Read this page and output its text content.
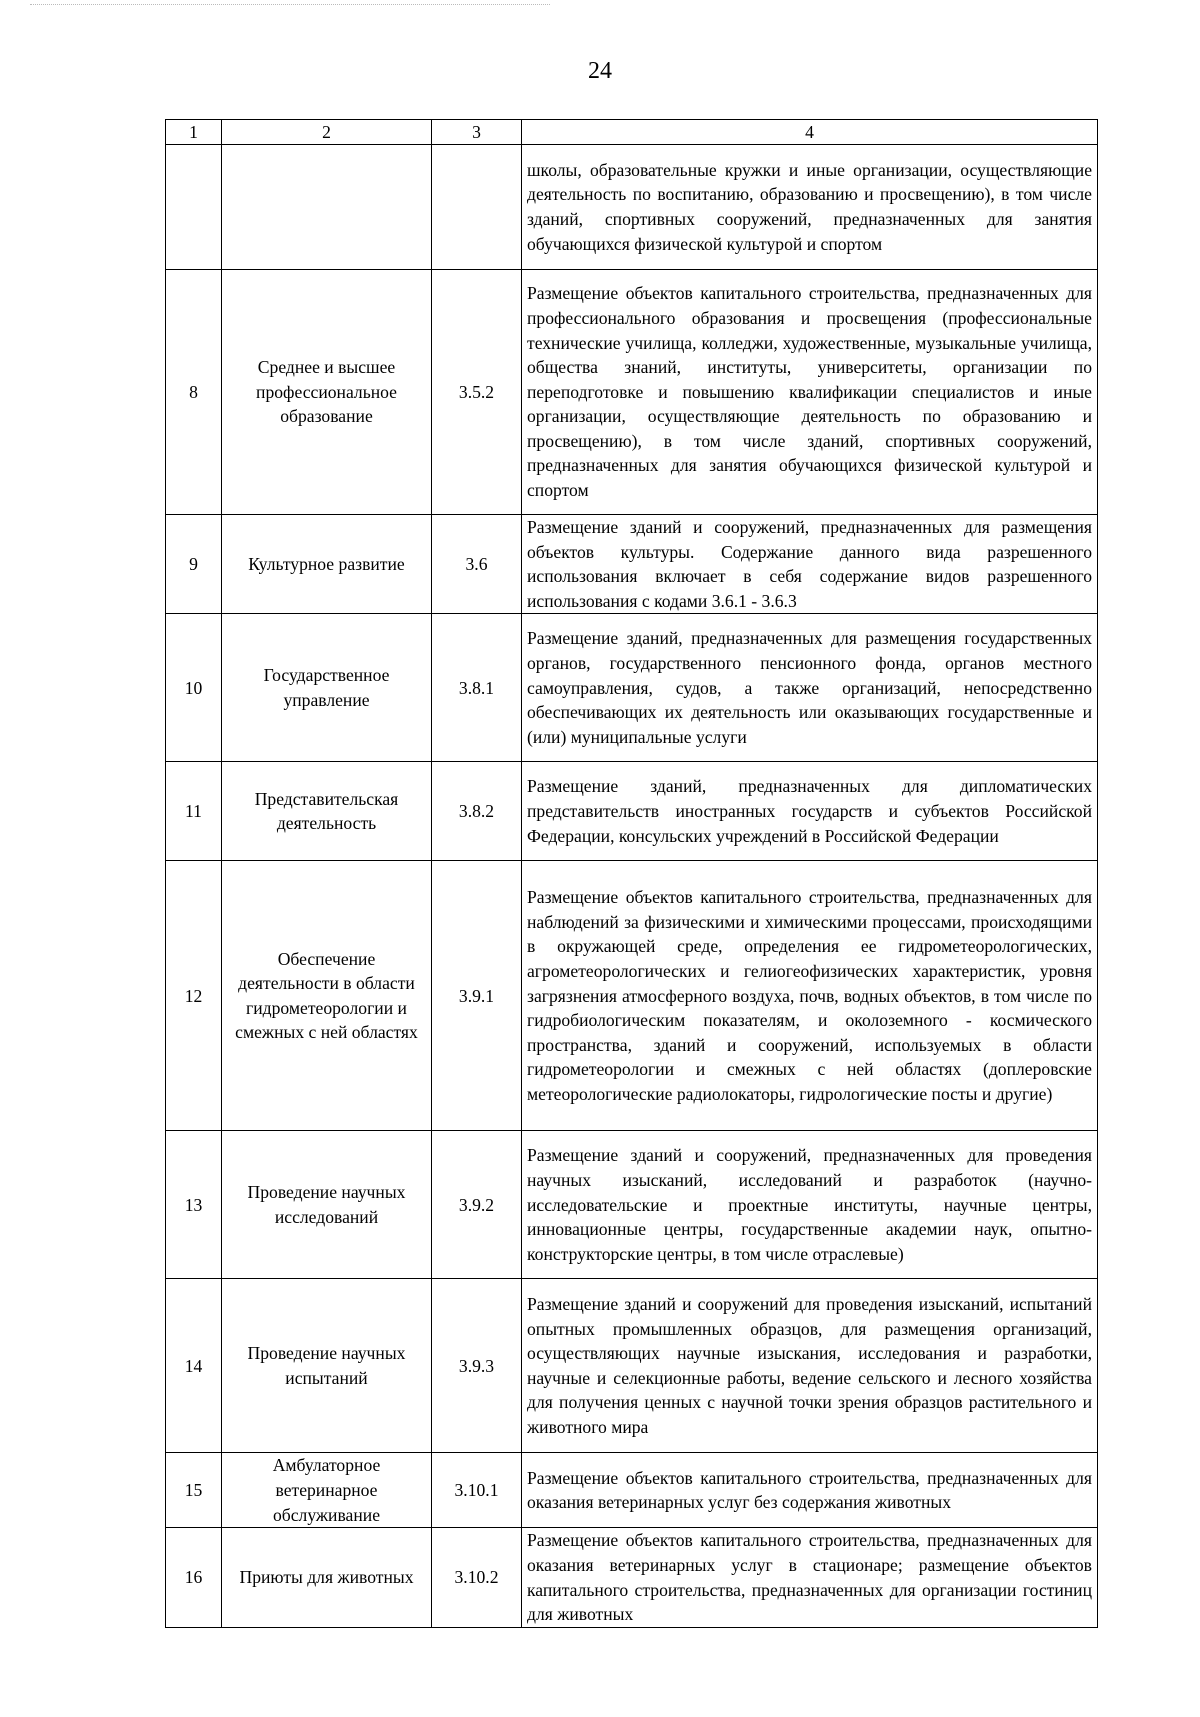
24
1	2	3	4
			школы, образовательные кружки и иные организации, осуществляющие деятельность по воспитанию, образованию и просвещению), в том числе зданий, спортивных сооружений, предназначенных для занятия обучающихся физической культурой и спортом
8	Среднее и высшее профессиональное образование	3.5.2	Размещение объектов капитального строительства, предназначенных для профессионального образования и просвещения (профессиональные технические училища, колледжи, художественные, музыкальные училища, общества знаний, институты, университеты, организации по переподготовке и повышению квалификации специалистов и иные организации, осуществляющие деятельность по образованию и просвещению), в том числе зданий, спортивных сооружений, предназначенных для занятия обучающихся физической культурой и спортом
9	Культурное развитие	3.6	Размещение зданий и сооружений, предназначенных для размещения объектов культуры. Содержание данного вида разрешенного использования включает в себя содержание видов разрешенного использования с кодами 3.6.1 - 3.6.3
10	Государственное управление	3.8.1	Размещение зданий, предназначенных для размещения государственных органов, государственного пенсионного фонда, органов местного самоуправления, судов, а также организаций, непосредственно обеспечивающих их деятельность или оказывающих государственные и (или) муниципальные услуги
11	Представительская деятельность	3.8.2	Размещение зданий, предназначенных для дипломатических представительств иностранных государств и субъектов Российской Федерации, консульских учреждений в Российской Федерации
12	Обеспечение деятельности в области гидрометеорологии и смежных с ней областях	3.9.1	Размещение объектов капитального строительства, предназначенных для наблюдений за физическими и химическими процессами, происходящими в окружающей среде, определения ее гидрометеорологических, агрометеорологических и гелиогеофизических характеристик, уровня загрязнения атмосферного воздуха, почв, водных объектов, в том числе по гидробиологическим показателям, и околоземного - космического пространства, зданий и сооружений, используемых в области гидрометеорологии и смежных с ней областях (доплеровские метеорологические радиолокаторы, гидрологические посты и другие)
13	Проведение научных исследований	3.9.2	Размещение зданий и сооружений, предназначенных для проведения научных изысканий, исследований и разработок (научно-исследовательские и проектные институты, научные центры, инновационные центры, государственные академии наук, опытно-конструкторские центры, в том числе отраслевые)
14	Проведение научных испытаний	3.9.3	Размещение зданий и сооружений для проведения изысканий, испытаний опытных промышленных образцов, для размещения организаций, осуществляющих научные изыскания, исследования и разработки, научные и селекционные работы, ведение сельского и лесного хозяйства для получения ценных с научной точки зрения образцов растительного и животного мира
15	Амбулаторное ветеринарное обслуживание	3.10.1	Размещение объектов капитального строительства, предназначенных для оказания ветеринарных услуг без содержания животных
16	Приюты для животных	3.10.2	Размещение объектов капитального строительства, предназначенных для оказания ветеринарных услуг в стационаре; размещение объектов капитального строительства, предназначенных для организации гостиниц для животных
